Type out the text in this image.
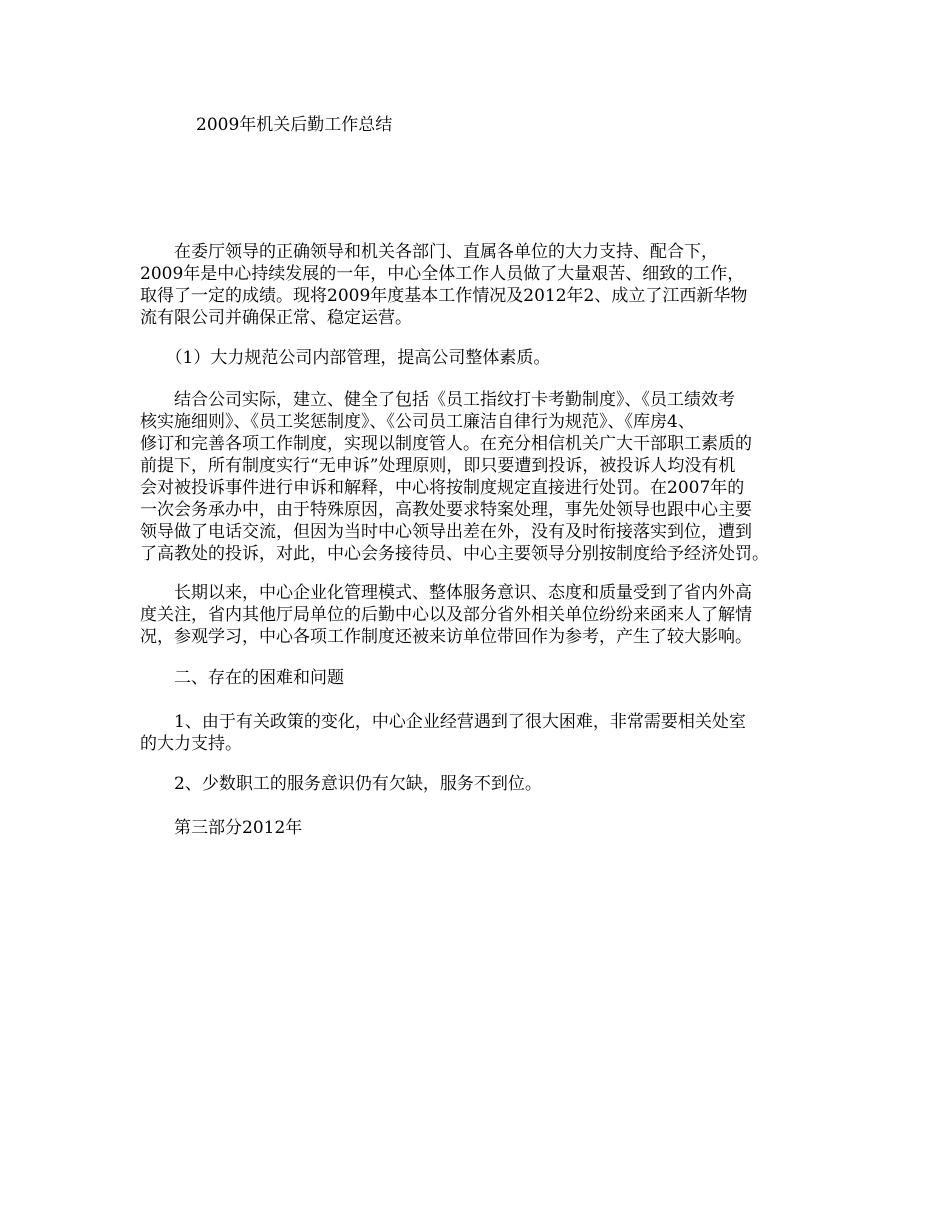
2009年机关后勤工作总结
　　在委厅领导的正确领导和机关各部门、直属各单位的大力支持、配合下，
2009年是中心持续发展的一年，中心全体工作人员做了大量艰苦、细致的工作，
取得了一定的成绩。现将2009年度基本工作情况及2012年2、成立了江西新华物
流有限公司并确保正常、稳定运营。
　　（1）大力规范公司内部管理，提高公司整体素质。
　　结合公司实际，建立、健全了包括《员工指纹打卡考勤制度》、《员工绩效考
核实施细则》、《员工奖惩制度》、《公司员工廉洁自律行为规范》、《库房4、
修订和完善各项工作制度，实现以制度管人。在充分相信机关广大干部职工素质的
前提下，所有制度实行“无申诉”处理原则，即只要遭到投诉，被投诉人均没有机
会对被投诉事件进行申诉和解释，中心将按制度规定直接进行处罚。在2007年的
一次会务承办中，由于特殊原因，高教处要求特案处理，事先处领导也跟中心主要
领导做了电话交流，但因为当时中心领导出差在外，没有及时衔接落实到位，遭到
了高教处的投诉，对此，中心会务接待员、中心主要领导分别按制度给予经济处罚。
　　长期以来，中心企业化管理模式、整体服务意识、态度和质量受到了省内外高
度关注，省内其他厅局单位的后勤中心以及部分省外相关单位纷纷来函来人了解情
况，参观学习，中心各项工作制度还被来访单位带回作为参考，产生了较大影响。
　　二、存在的困难和问题
　　1、由于有关政策的变化，中心企业经营遇到了很大困难，非常需要相关处室
的大力支持。
　　2、少数职工的服务意识仍有欠缺，服务不到位。
　　第三部分2012年
